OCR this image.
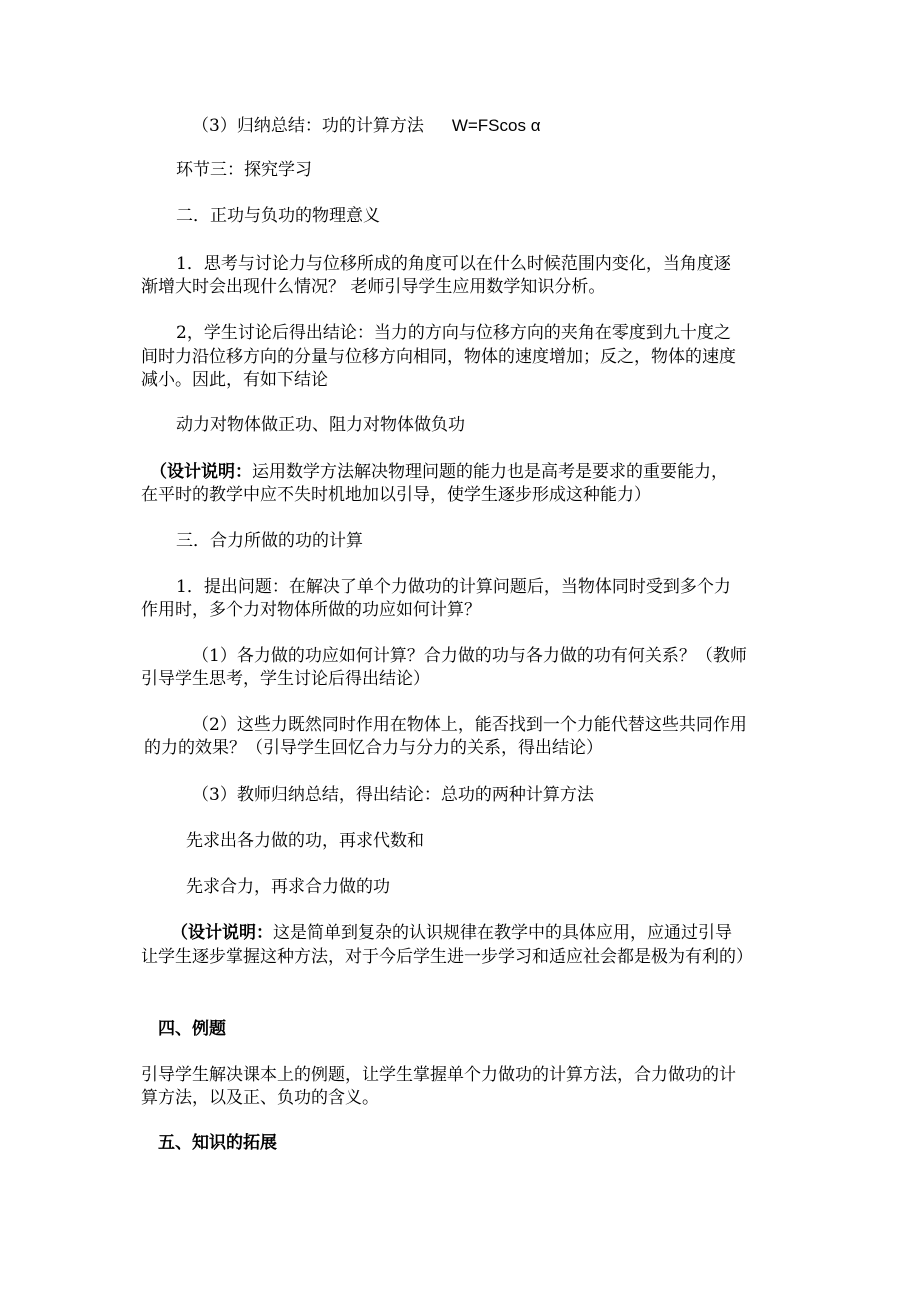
（3）归纳总结：功的计算方法 W=FScos α
环节三：探究学习
二．正功与负功的物理意义
1．思考与讨论力与位移所成的角度可以在什么时候范围内变化，当角度逐
渐增大时会出现什么情况？ 老师引导学生应用数学知识分析。
2，学生讨论后得出结论：当力的方向与位移方向的夹角在零度到九十度之
间时力沿位移方向的分量与位移方向相同，物体的速度增加；反之，物体的速度
减小。因此，有如下结论
动力对物体做正功、阻力对物体做负功
（设计说明：运用数学方法解决物理问题的能力也是高考是要求的重要能力，
在平时的教学中应不失时机地加以引导，使学生逐步形成这种能力）
三．合力所做的功的计算
1．提出问题：在解决了单个力做功的计算问题后，当物体同时受到多个力
作用时，多个力对物体所做的功应如何计算？
（1）各力做的功应如何计算？合力做的功与各力做的功有何关系？（教师
引导学生思考，学生讨论后得出结论）
（2）这些力既然同时作用在物体上，能否找到一个力能代替这些共同作用
的力的效果？（引导学生回忆合力与分力的关系，得出结论）
（3）教师归纳总结，得出结论：总功的两种计算方法
先求出各力做的功，再求代数和
先求合力，再求合力做的功
（设计说明：这是简单到复杂的认识规律在教学中的具体应用，应通过引导
让学生逐步掌握这种方法，对于今后学生进一步学习和适应社会都是极为有利的）
四、例题
引导学生解决课本上的例题，让学生掌握单个力做功的计算方法，合力做功的计
算方法，以及正、负功的含义。
五、知识的拓展
